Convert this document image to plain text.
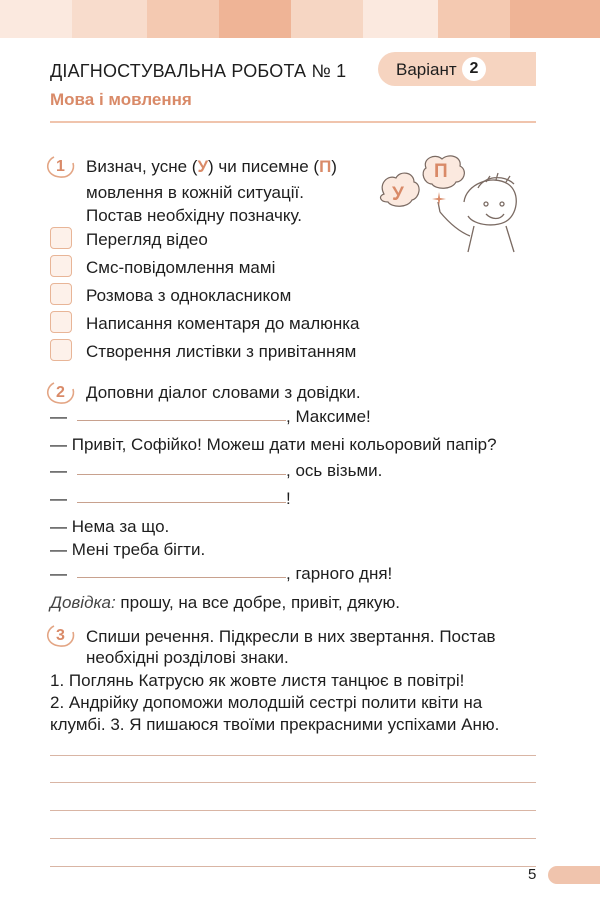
ДІАГНОСТУВАЛЬНА РОБОТА № 1	Варіант 2
Мова і мовлення
1 Визнач, усне (У) чи писемне (П)
мовлення в кожній ситуації.
Постав необхідну позначку.
Перегляд відео
Смс-повідомлення мамі
Розмова з однокласником
Написання коментаря до малюнка
Створення листівки з привітанням
У
П
2 Доповни діалог словами з довідки.
—	, Максиме!
— Привіт, Софійко! Можеш дати мені кольоровий папір?
—	, ось візьми.
—	!
— Нема за що.
— Мені треба бігти.
—	, гарного дня!
Довідка: прошу, на все добре, привіт, дякую.
3 Спиши речення. Підкресли в них звертання. Постав
необхідні розділові знаки.
1. Поглянь Катрусю як жовте листя танцює в повітрі!
2. Андрійку допоможи молодшій сестрі полити квіти на
клумбі. 3. Я пишаюся твоїми прекрасними успіхами Аню.
5
